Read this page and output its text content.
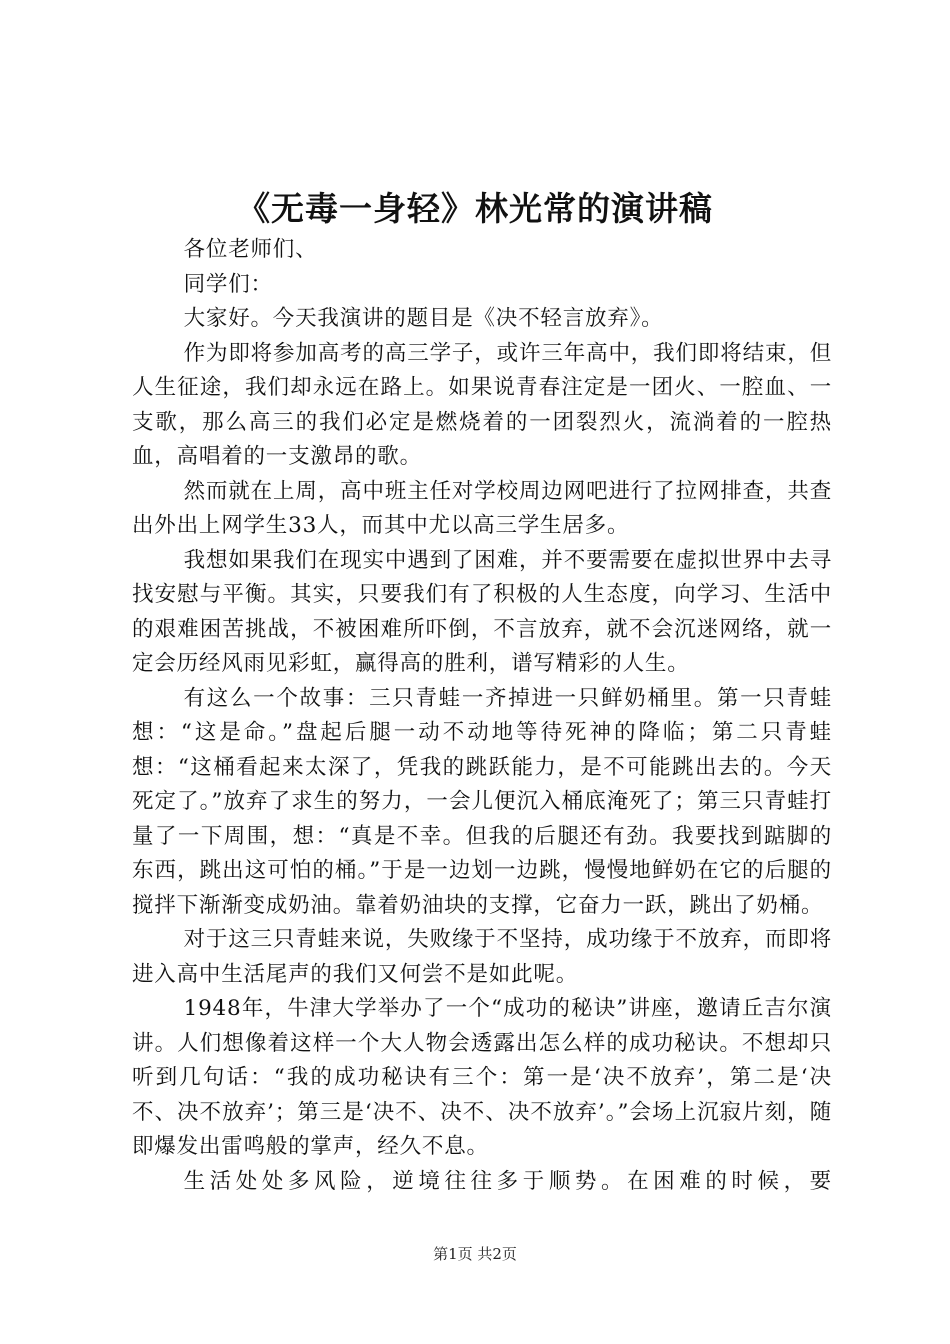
《无毒一身轻》林光常的演讲稿

各位老师们、

同学们：

大家好。今天我演讲的题目是《决不轻言放弃》。

作为即将参加高考的高三学子，或许三年高中，我们即将结束，但人生征途，我们却永远在路上。如果说青春注定是一团火、一腔血、一支歌，那么高三的我们必定是燃烧着的一团裂烈火，流淌着的一腔热血，高唱着的一支激昂的歌。

然而就在上周，高中班主任对学校周边网吧进行了拉网排查，共查出外出上网学生33人，而其中尤以高三学生居多。

我想如果我们在现实中遇到了困难，并不要需要在虚拟世界中去寻找安慰与平衡。其实，只要我们有了积极的人生态度，向学习、生活中的艰难困苦挑战，不被困难所吓倒，不言放弃，就不会沉迷网络，就一定会历经风雨见彩虹，赢得高的胜利，谱写精彩的人生。

有这么一个故事：三只青蛙一齐掉进一只鲜奶桶里。第一只青蛙想：“这是命。”盘起后腿一动不动地等待死神的降临；第二只青蛙想：“这桶看起来太深了，凭我的跳跃能力，是不可能跳出去的。今天死定了。”放弃了求生的努力，一会儿便沉入桶底淹死了；第三只青蛙打量了一下周围，想：“真是不幸。但我的后腿还有劲。我要找到踮脚的东西，跳出这可怕的桶。”于是一边划一边跳，慢慢地鲜奶在它的后腿的搅拌下渐渐变成奶油。靠着奶油块的支撑，它奋力一跃，跳出了奶桶。

对于这三只青蛙来说，失败缘于不坚持，成功缘于不放弃，而即将进入高中生活尾声的我们又何尝不是如此呢。

1948年，牛津大学举办了一个“成功的秘诀”讲座，邀请丘吉尔演讲。人们想像着这样一个大人物会透露出怎么样的成功秘诀。不想却只听到几句话：“我的成功秘诀有三个：第一是‘决不放弃’，第二是‘决不、决不放弃’；第三是‘决不、决不、决不放弃’。”会场上沉寂片刻，随即爆发出雷鸣般的掌声，经久不息。

生活处处多风险，逆境往往多于顺势。在困难的时候，要

第1页 共2页
